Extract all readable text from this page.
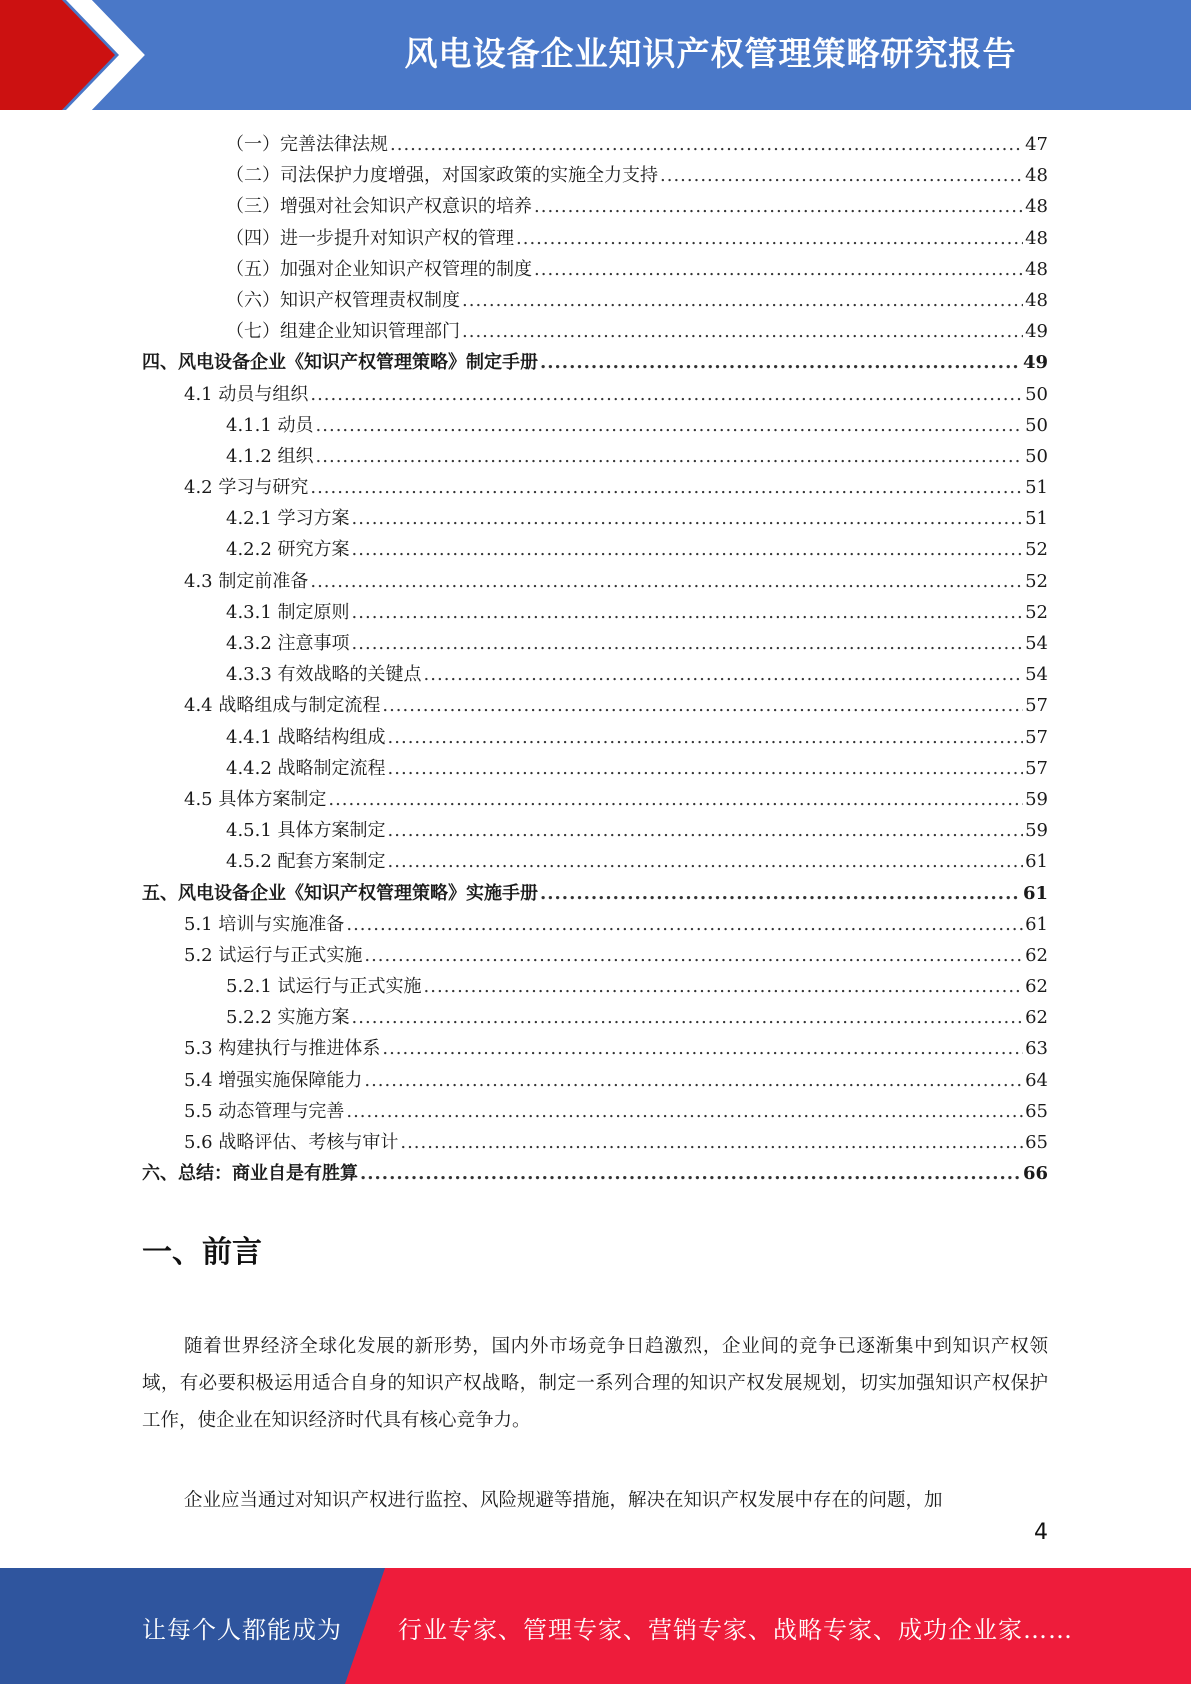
风电设备企业知识产权管理策略研究报告
（一）完善法律法规 .....	47
（二）司法保护力度增强，对国家政策的实施全力支持 .....	48
（三）增强对社会知识产权意识的培养 .....	48
（四）进一步提升对知识产权的管理 .....	48
（五）加强对企业知识产权管理的制度 .....	48
（六）知识产权管理责权制度 .....	48
（七）组建企业知识管理部门 .....	49
四、风电设备企业《知识产权管理策略》制定手册 .....	49
4.1 动员与组织 .....	50
4.1.1 动员 .....	50
4.1.2 组织 .....	50
4.2 学习与研究 .....	51
4.2.1 学习方案 .....	51
4.2.2 研究方案 .....	52
4.3 制定前准备 .....	52
4.3.1 制定原则 .....	52
4.3.2 注意事项 .....	54
4.3.3 有效战略的关键点 .....	54
4.4 战略组成与制定流程 .....	57
4.4.1 战略结构组成 .....	57
4.4.2 战略制定流程 .....	57
4.5 具体方案制定 .....	59
4.5.1 具体方案制定 .....	59
4.5.2 配套方案制定 .....	61
五、风电设备企业《知识产权管理策略》实施手册 .....	61
5.1 培训与实施准备 .....	61
5.2 试运行与正式实施 .....	62
5.2.1 试运行与正式实施 .....	62
5.2.2 实施方案 .....	62
5.3 构建执行与推进体系 .....	63
5.4 增强实施保障能力 .....	64
5.5 动态管理与完善 .....	65
5.6 战略评估、考核与审计 .....	65
六、总结：商业自是有胜算 .....	66
一、前言

随着世界经济全球化发展的新形势，国内外市场竞争日趋激烈，企业间的竞争已逐渐集中到知识产权领域，有必要积极运用适合自身的知识产权战略，制定一系列合理的知识产权发展规划，切实加强知识产权保护工作，使企业在知识经济时代具有核心竞争力。

企业应当通过对知识产权进行监控、风险规避等措施，解决在知识产权发展中存在的问题，加

4
让每个人都能成为 行业专家、管理专家、营销专家、战略专家、成功企业家……
